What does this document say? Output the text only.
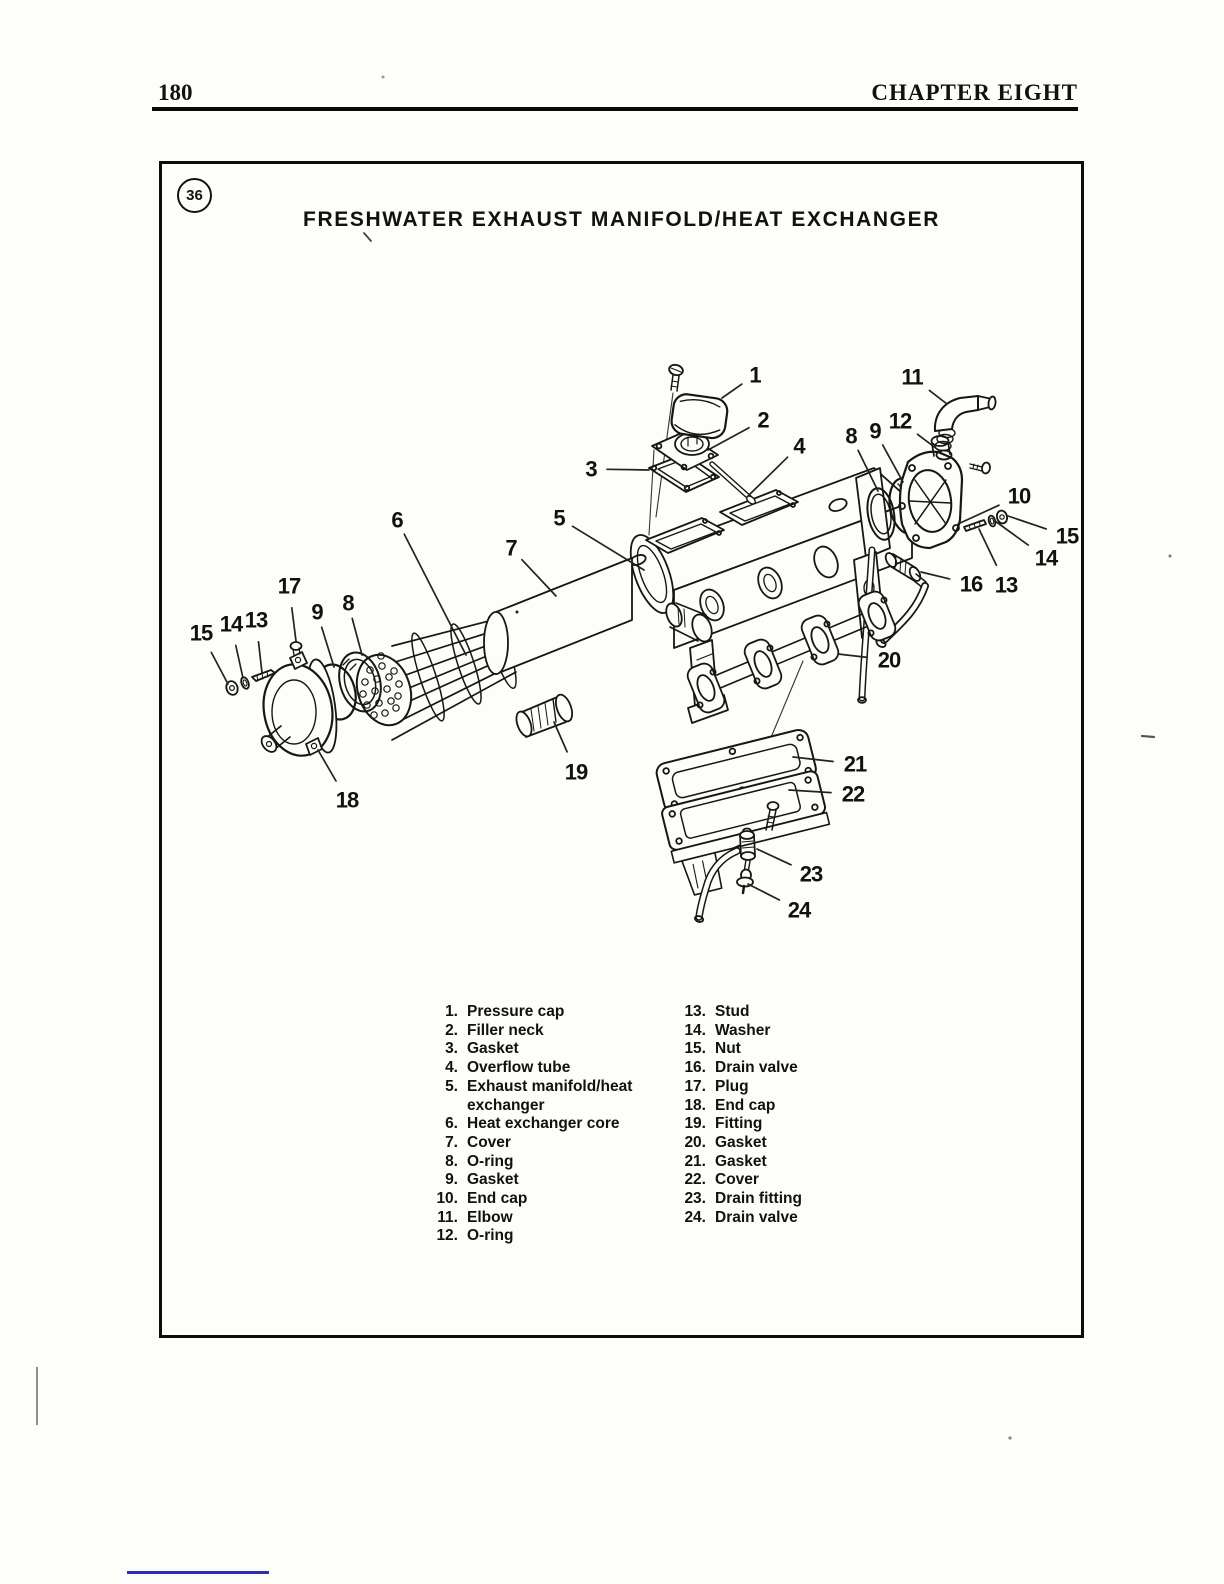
180	CHAPTER EIGHT
36
FRESHWATER EXHAUST MANIFOLD/HEAT EXCHANGER
1. Pressure cap
2. Filler neck
3. Gasket
4. Overflow tube
5. Exhaust manifold/heat exchanger
6. Heat exchanger core
7. Cover
8. O-ring
9. Gasket
10. End cap
11. Elbow
12. O-ring
13. Stud
14. Washer
15. Nut
16. Drain valve
17. Plug
18. End cap
19. Fitting
20. Gasket
21. Gasket
22. Cover
23. Drain fitting
24. Drain valve
1
2
3
4
5
6
7
8
9
17
13
14
15
18
19
11
12
9
8
10
15
14
13
16
20
21
22
23
24
